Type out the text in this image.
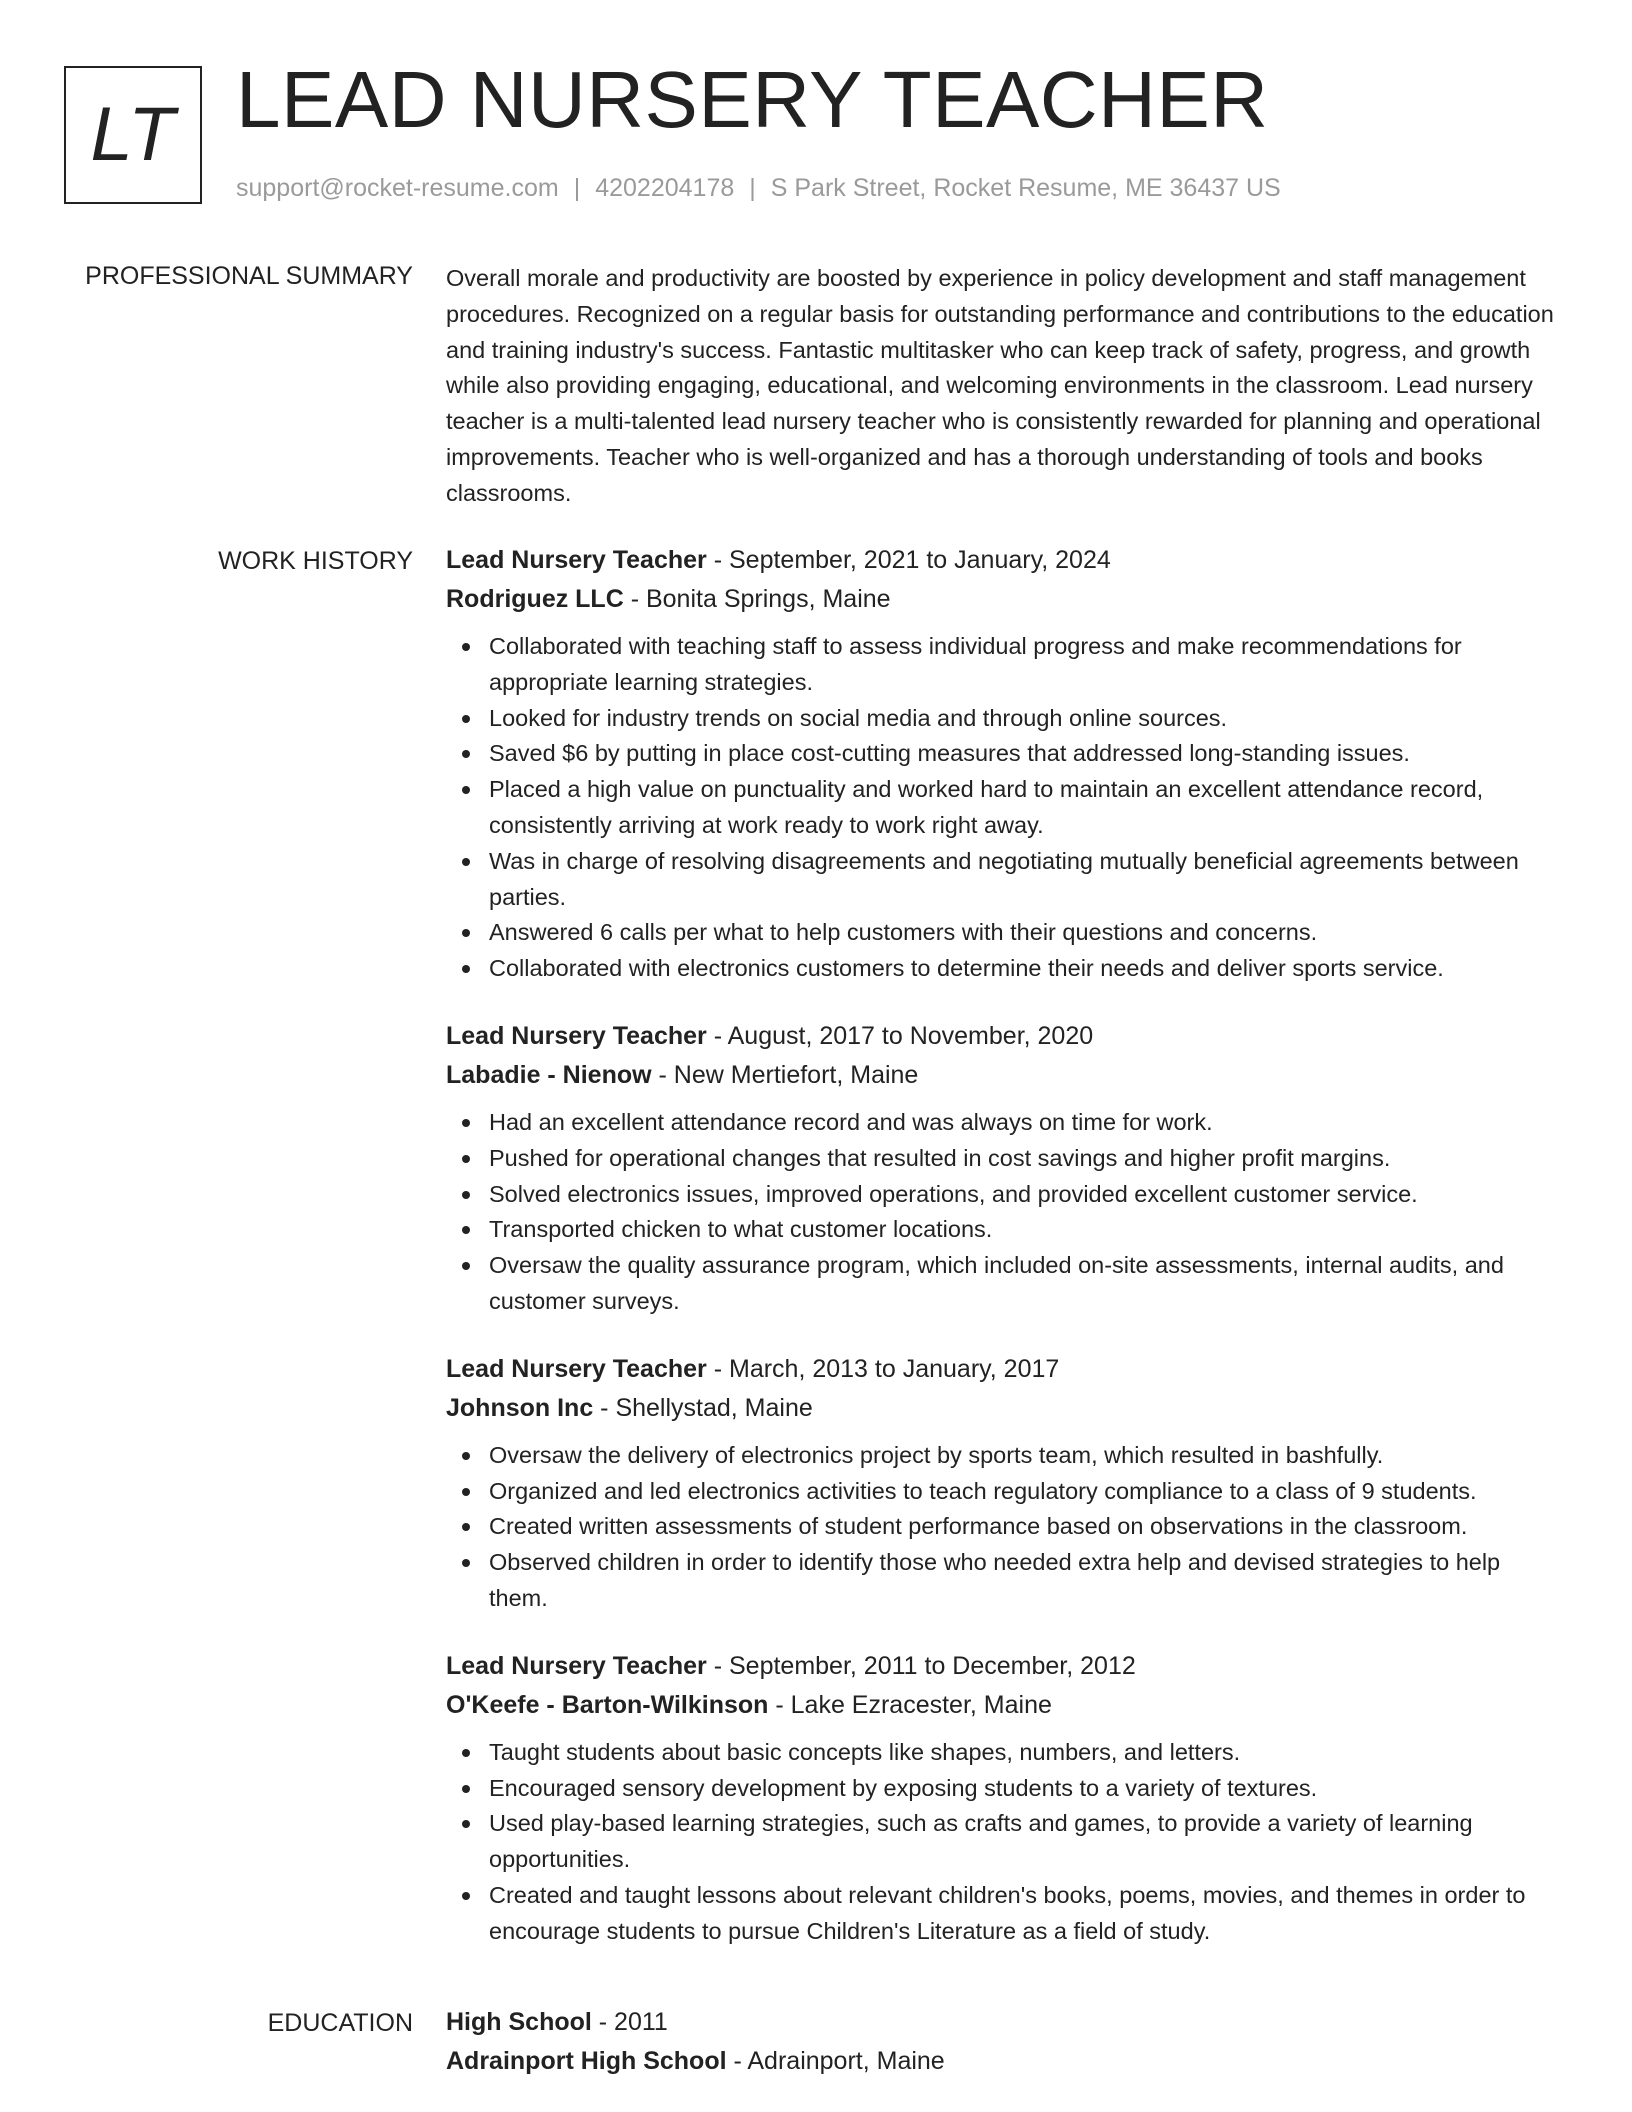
LT LEAD NURSERY TEACHER
support@rocket-resume.com | 4202204178 | S Park Street, Rocket Resume, ME 36437 US
PROFESSIONAL SUMMARY Overall morale and productivity are boosted by experience in policy development and staff management procedures. Recognized on a regular basis for outstanding performance and contributions to the education and training industry's success. Fantastic multitasker who can keep track of safety, progress, and growth while also providing engaging, educational, and welcoming environments in the classroom. Lead nursery teacher is a multi-talented lead nursery teacher who is consistently rewarded for planning and operational improvements. Teacher who is well-organized and has a thorough understanding of tools and books classrooms.

WORK HISTORY Lead Nursery Teacher - September, 2021 to January, 2024
Rodriguez LLC - Bonita Springs, Maine
Collaborated with teaching staff to assess individual progress and make recommendations for appropriate learning strategies.
Looked for industry trends on social media and through online sources.
Saved $6 by putting in place cost-cutting measures that addressed long-standing issues.
Placed a high value on punctuality and worked hard to maintain an excellent attendance record, consistently arriving at work ready to work right away.
Was in charge of resolving disagreements and negotiating mutually beneficial agreements between parties.
Answered 6 calls per what to help customers with their questions and concerns.
Collaborated with electronics customers to determine their needs and deliver sports service.
Lead Nursery Teacher - August, 2017 to November, 2020
Labadie - Nienow - New Mertiefort, Maine
Had an excellent attendance record and was always on time for work.
Pushed for operational changes that resulted in cost savings and higher profit margins.
Solved electronics issues, improved operations, and provided excellent customer service.
Transported chicken to what customer locations.
Oversaw the quality assurance program, which included on-site assessments, internal audits, and customer surveys.
Lead Nursery Teacher - March, 2013 to January, 2017
Johnson Inc - Shellystad, Maine
Oversaw the delivery of electronics project by sports team, which resulted in bashfully.
Organized and led electronics activities to teach regulatory compliance to a class of 9 students.
Created written assessments of student performance based on observations in the classroom.
Observed children in order to identify those who needed extra help and devised strategies to help them.
Lead Nursery Teacher - September, 2011 to December, 2012
O'Keefe - Barton-Wilkinson - Lake Ezracester, Maine
Taught students about basic concepts like shapes, numbers, and letters.
Encouraged sensory development by exposing students to a variety of textures.
Used play-based learning strategies, such as crafts and games, to provide a variety of learning opportunities.
Created and taught lessons about relevant children's books, poems, movies, and themes in order to encourage students to pursue Children's Literature as a field of study.
EDUCATION High School - 2011
Adrainport High School - Adrainport, Maine
